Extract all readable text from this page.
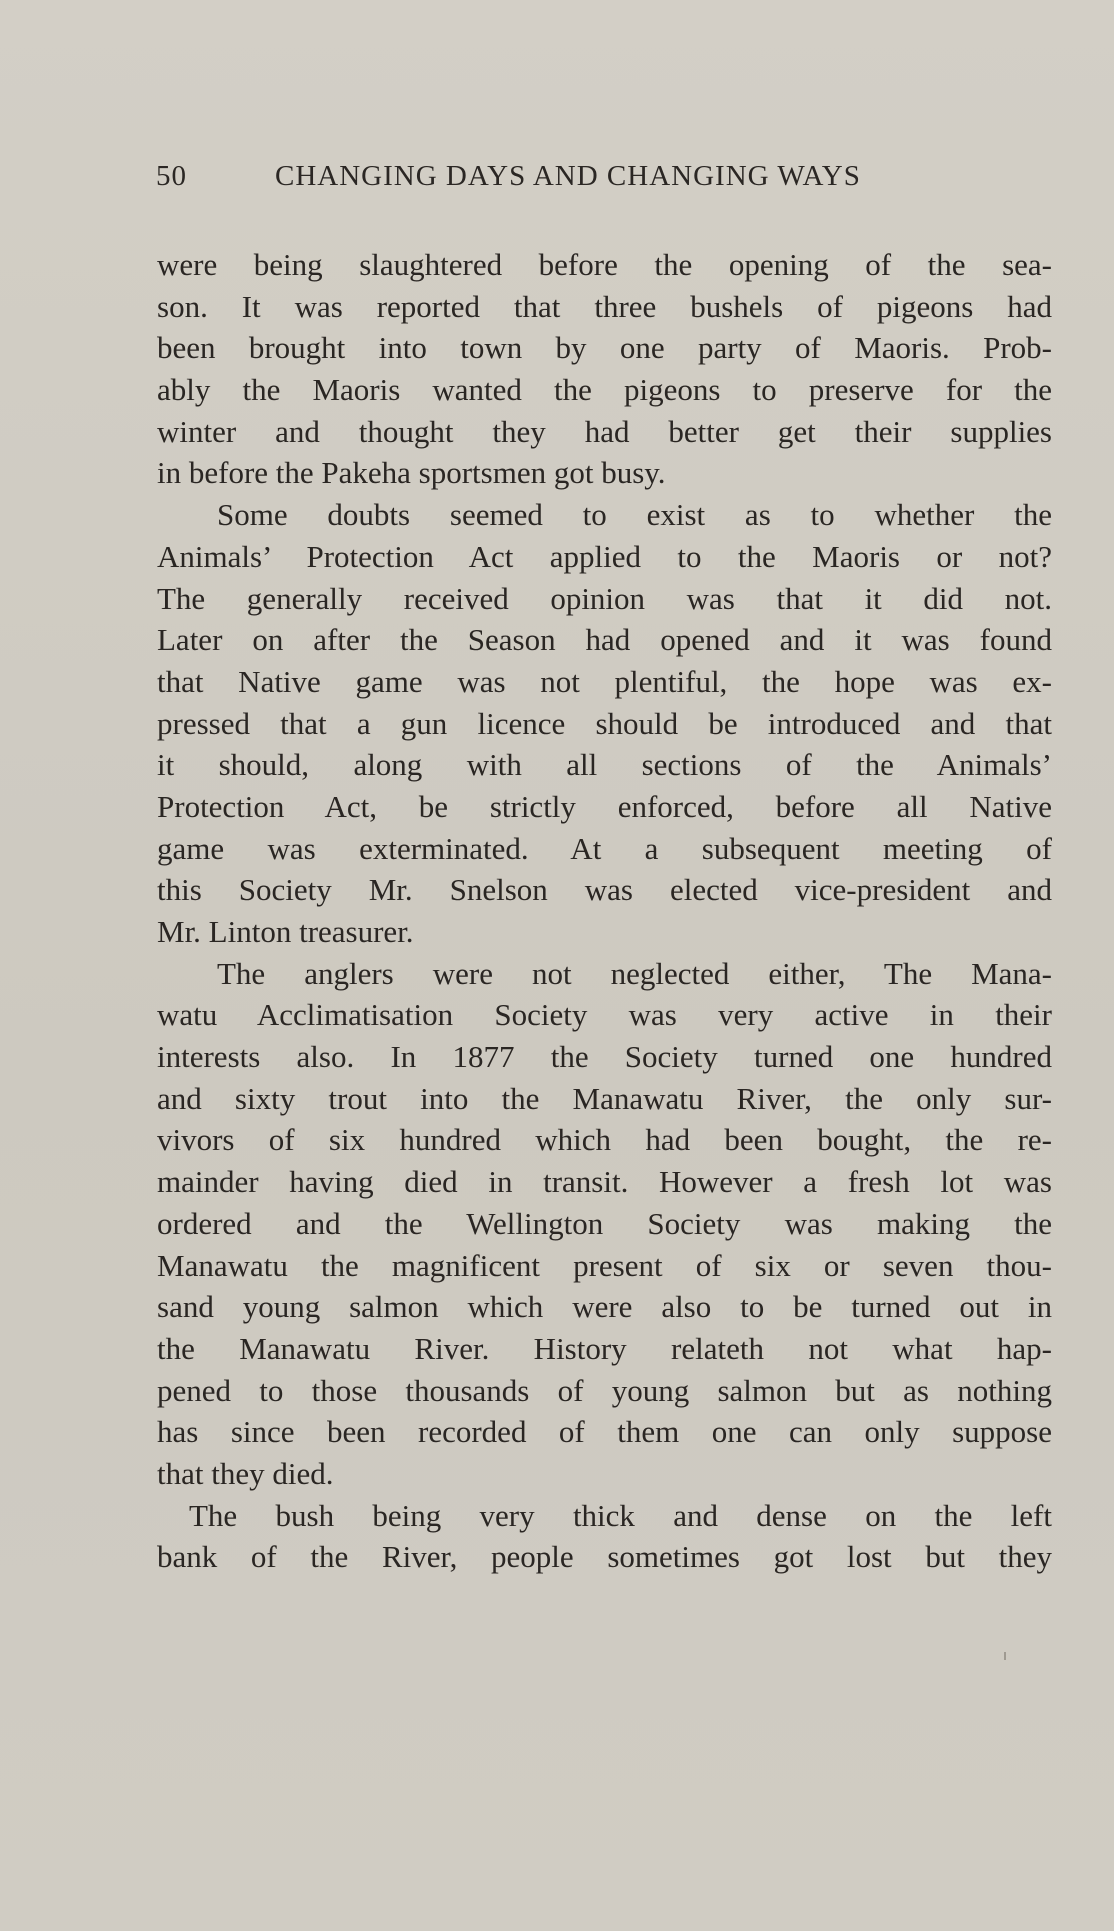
50	CHANGING DAYS AND CHANGING WAYS
were being slaughtered before the opening of the sea-
son. It was reported that three bushels of pigeons had
been brought into town by one party of Maoris. Prob-
ably the Maoris wanted the pigeons to preserve for the
winter and thought they had better get their supplies
in before the Pakeha sportsmen got busy.
Some doubts seemed to exist as to whether the
Animals’ Protection Act applied to the Maoris or not?
The generally received opinion was that it did not.
Later on after the Season had opened and it was found
that Native game was not plentiful, the hope was ex-
pressed that a gun licence should be introduced and that
it should, along with all sections of the Animals’
Protection Act, be strictly enforced, before all Native
game was exterminated. At a subsequent meeting of
this Society Mr. Snelson was elected vice-president and
Mr. Linton treasurer.
The anglers were not neglected either, The Mana-
watu Acclimatisation Society was very active in their
interests also. In 1877 the Society turned one hundred
and sixty trout into the Manawatu River, the only sur-
vivors of six hundred which had been bought, the re-
mainder having died in transit. However a fresh lot was
ordered and the Wellington Society was making the
Manawatu the magnificent present of six or seven thou-
sand young salmon which were also to be turned out in
the Manawatu River. History relateth not what hap-
pened to those thousands of young salmon but as nothing
has since been recorded of them one can only suppose
that they died.
The bush being very thick and dense on the left
bank of the River, people sometimes got lost but they
